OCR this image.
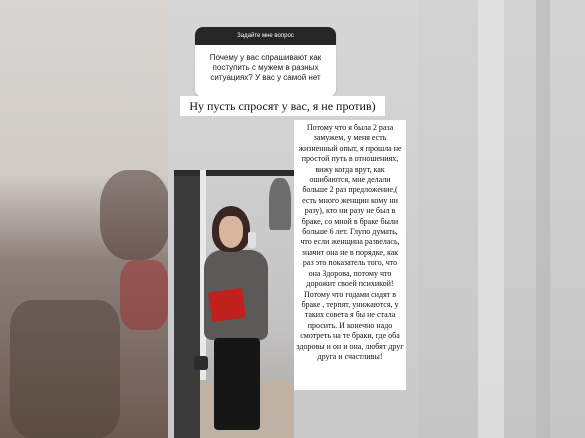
Задайте мне вопрос
Почему у вас спрашивают как поступить с мужем в разных ситуациях? У вас у самой нет
Ну пусть спросят у вас, я не против)
Потому что я была 2 раза замужем, у меня есть жизненный опыт, я прошла не простой путь в отношениях, вижу когда врут, как ошибаются, мне делали больше 2 раз предложение,( есть много женщин кому ни разу), кто ни разу не был в браке, со мной в браке были больше 6 лет. Глупо думать, что если женщина развелась, значит она не в порядке, как раз это показатель того, что она Здорова, потому что дорожит своей психикой! Потому что годами сидят в браке , терпят, унижаются, у таких совета я бы не стала просить. И конечно надо смотреть на те браки, где оба здоровы и он и она, любят друг друга и счастливы!
